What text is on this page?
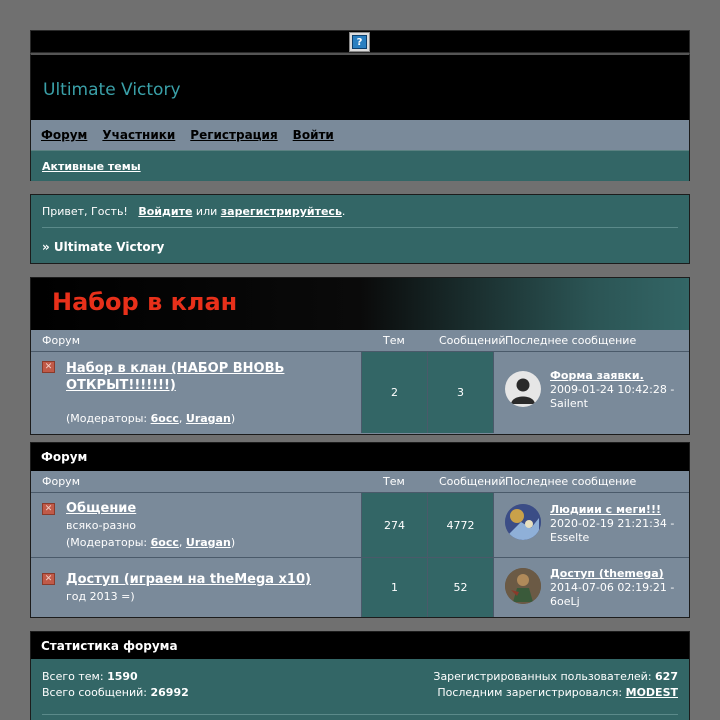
?
Ultimate Victory
Форум Участники Регистрация Войти
Активные темы
Привет, Гость! Войдите или зарегистрируйтесь.
» Ultimate Victory
Набор в клан
Форум	Тем	Сообщений Последнее сообщение
✕ Набор в клан (НАБОР ВНОВЬ
ОТКРЫТ!!!!!!!)
(Модераторы: 6осс, Uragan)
2	3
Форма заявки.
2009-01-24 10:42:28 -
Sailent
Форум
Форум	Тем	Сообщений Последнее сообщение
✕ Общение
всяко-разно
(Модераторы: 6осс, Uragan)
274	4772
Людиии с меги!!!
2020-02-19 21:21:34 -
Esselte
✕ Доступ (играем на theMega x10)
год 2013 =)
1	52
Доступ (themega)
2014-07-06 02:19:21 -
6oeLj
Статистика форума
Всего тем: 1590
Всего сообщений: 26992
Зарегистрированных пользователей: 627
Последним зарегистрировался: MODEST
